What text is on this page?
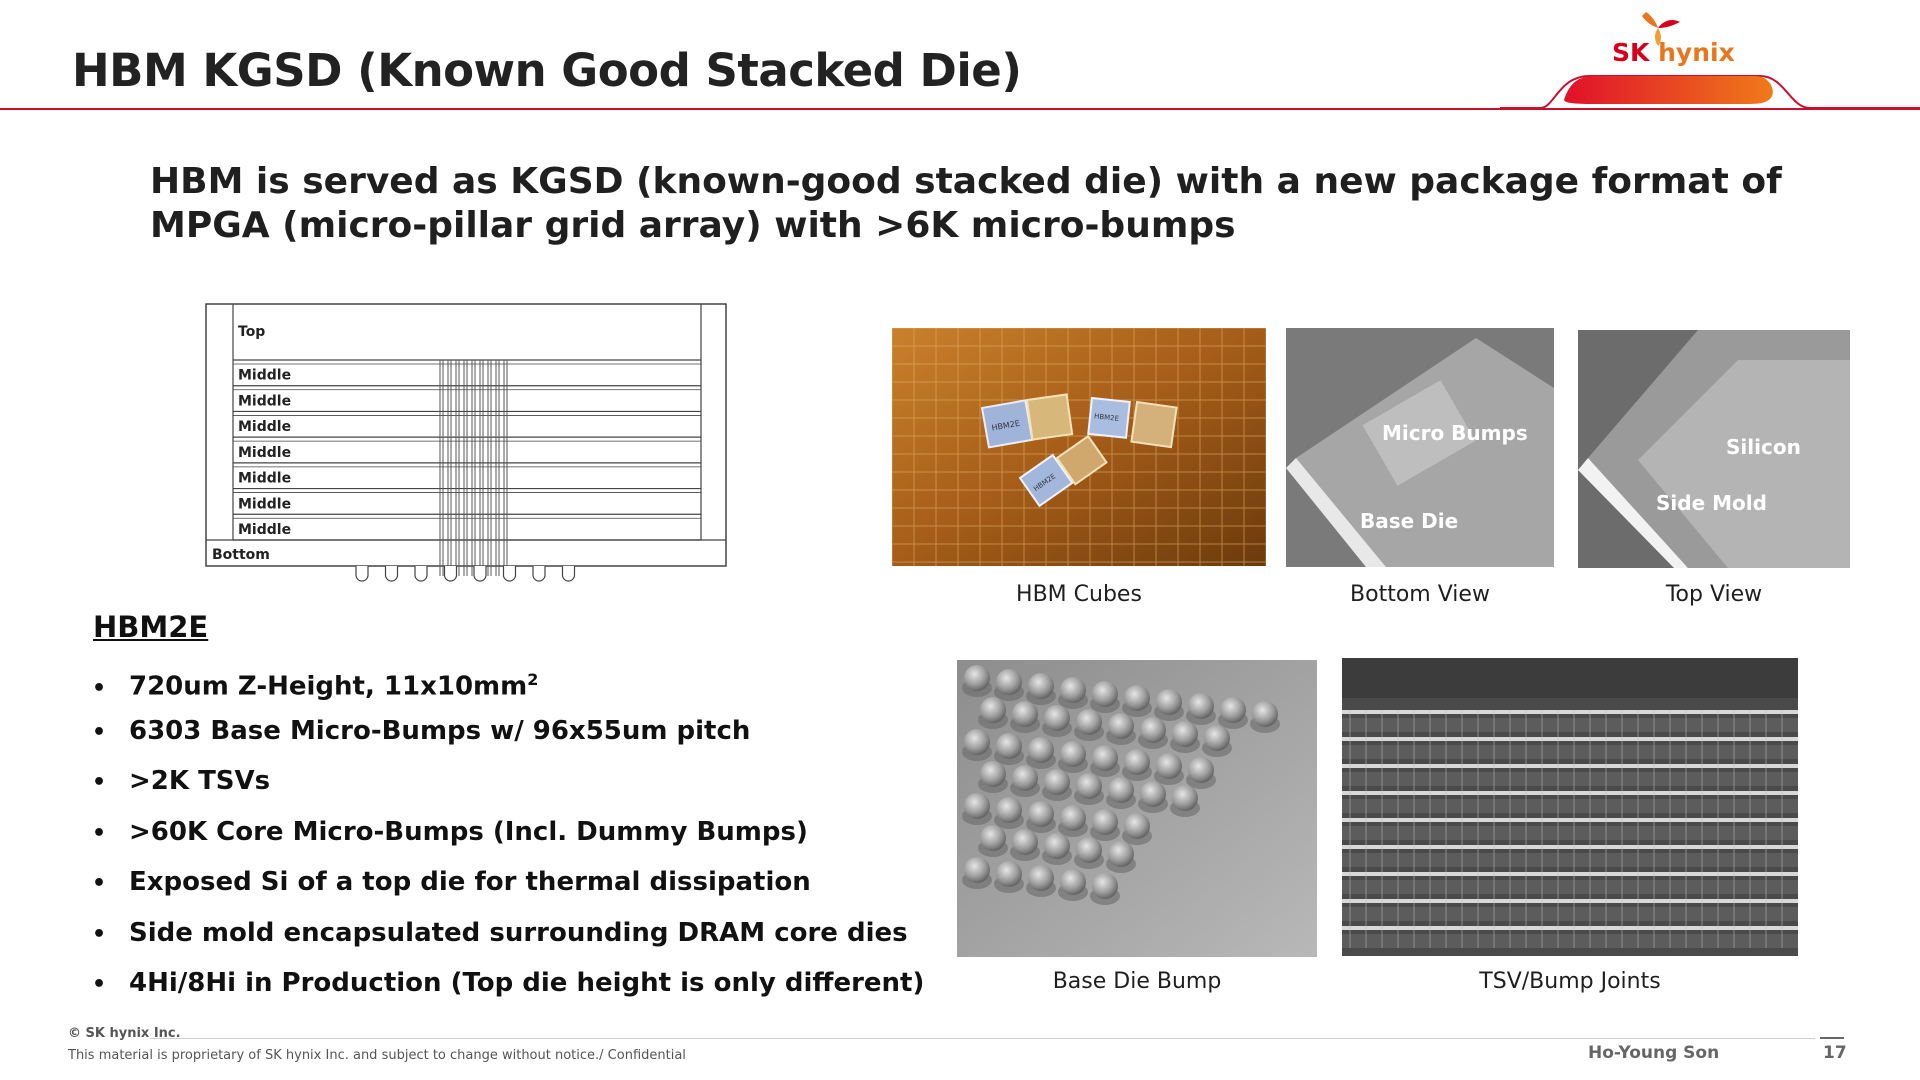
HBM KGSD (Known Good Stacked Die)	SK hynix
HBM is served as KGSD (known-good stacked die) with a new package format of MPGA (micro-pillar grid array) with >6K micro-bumps
Top
Middle
Middle
Middle
Middle
Middle
Middle
Middle
Bottom
HBM2E
HBM2E
HBM2E
HBM Cubes
Micro Bumps
Base Die
Bottom View
Silicon
Side Mold
Top View
Base Die Bump	TSV/Bump Joints
HBM2E
• 720um Z-Height, $11x10mm^2$
• 6303 Base Micro-Bumps w/ 96x55um pitch
• >2K TSVs
• >60K Core Micro-Bumps (Incl. Dummy Bumps)
• Exposed Si of a top die for thermal dissipation
• Side mold encapsulated surrounding DRAM core dies
• 4Hi/8Hi in Production (Top die height is only different)
© SK hynix Inc.
This material is proprietary of SK hynix Inc. and subject to change without notice./ Confidential	Ho-Young Son	17
